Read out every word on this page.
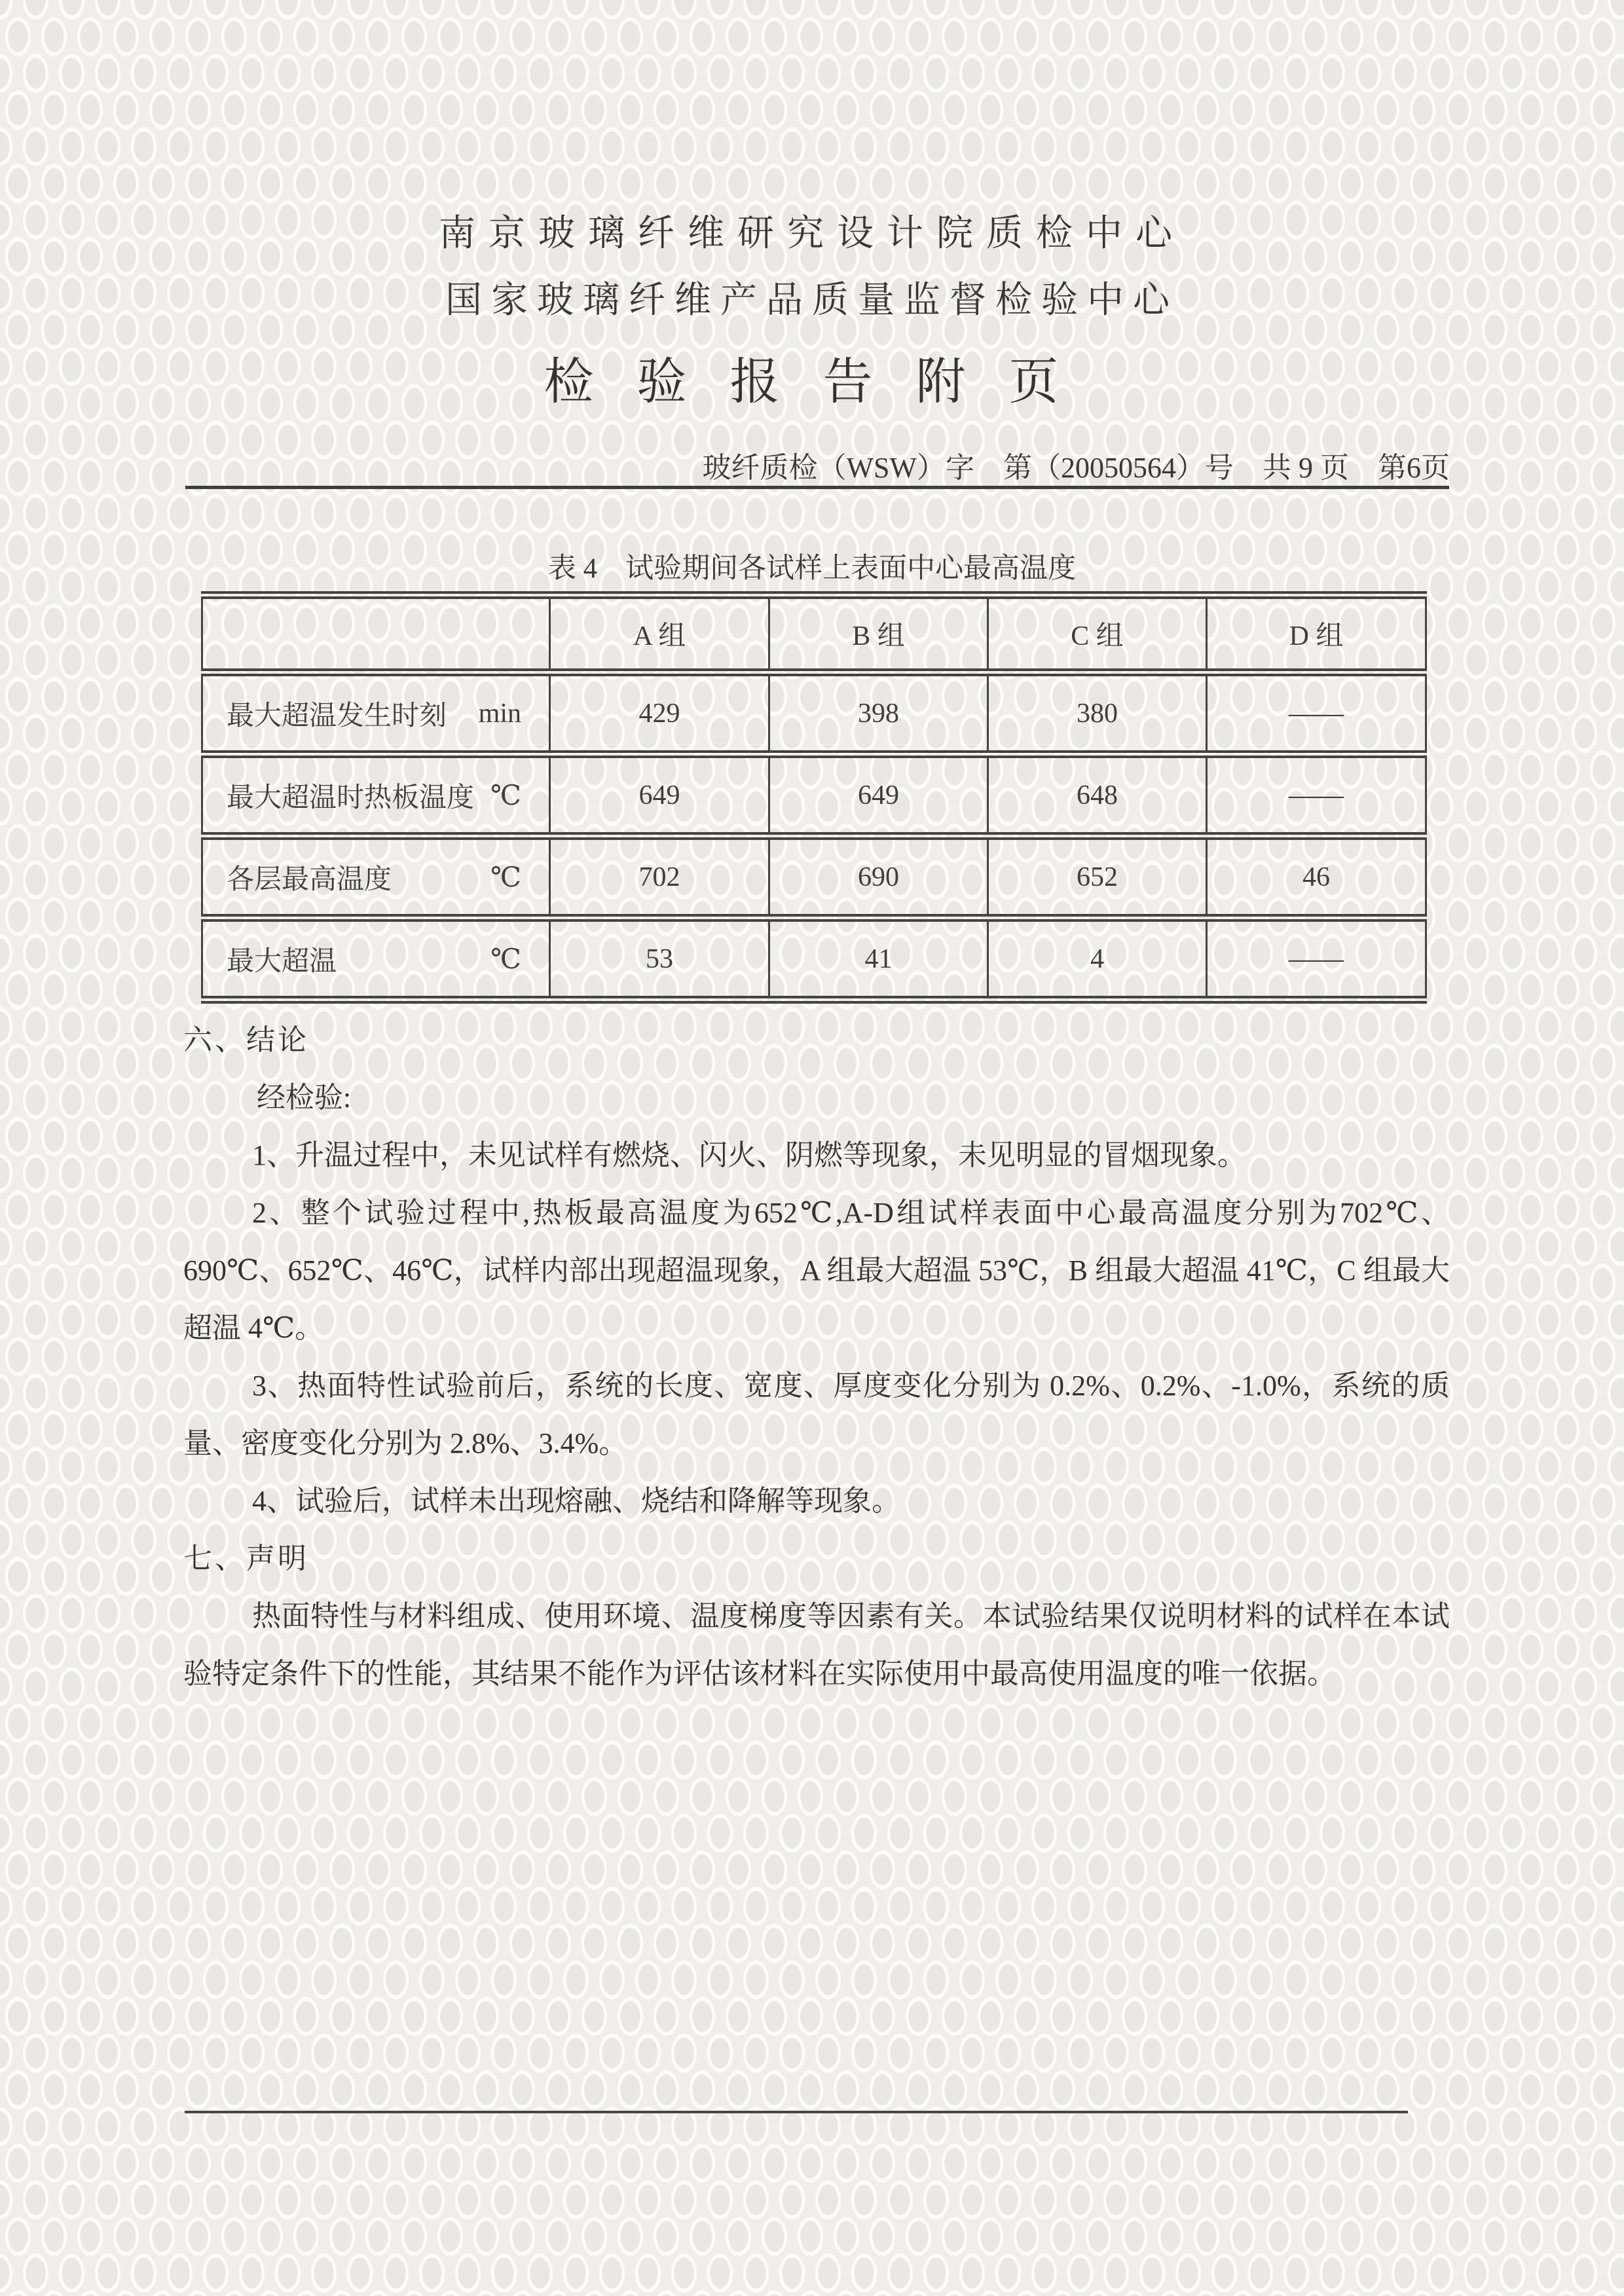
南京玻璃纤维研究设计院质检中心
国家玻璃纤维产品质量监督检验中心
检验报告附页
玻纤质检（WSW）字　第（20050564）号　共 9 页　第6页
表 4　试验期间各试样上表面中心最高温度
	A 组	B 组	C 组	D 组

最大超温发生时刻 min	429	398	380	——

最大超温时热板温度 ℃	649	649	648	——

各层最高温度 ℃	702	690	652	46

最大超温 ℃	53	41	4	——

六、结论

经检验:

1、升温过程中，未见试样有燃烧、闪火、阴燃等现象，未见明显的冒烟现象。

2、整个试验过程中,热板最高温度为652℃,A-D组试样表面中心最高温度分别为702℃、690℃、652℃、46℃，试样内部出现超温现象，A 组最大超温 53℃，B 组最大超温 41℃，C 组最大超温 4℃。

3、热面特性试验前后，系统的长度、宽度、厚度变化分别为 0.2%、0.2%、-1.0%，系统的质量、密度变化分别为 2.8%、3.4%。

4、试验后，试样未出现熔融、烧结和降解等现象。

七、声明

热面特性与材料组成、使用环境、温度梯度等因素有关。本试验结果仅说明材料的试样在本试验特定条件下的性能，其结果不能作为评估该材料在实际使用中最高使用温度的唯一依据。
